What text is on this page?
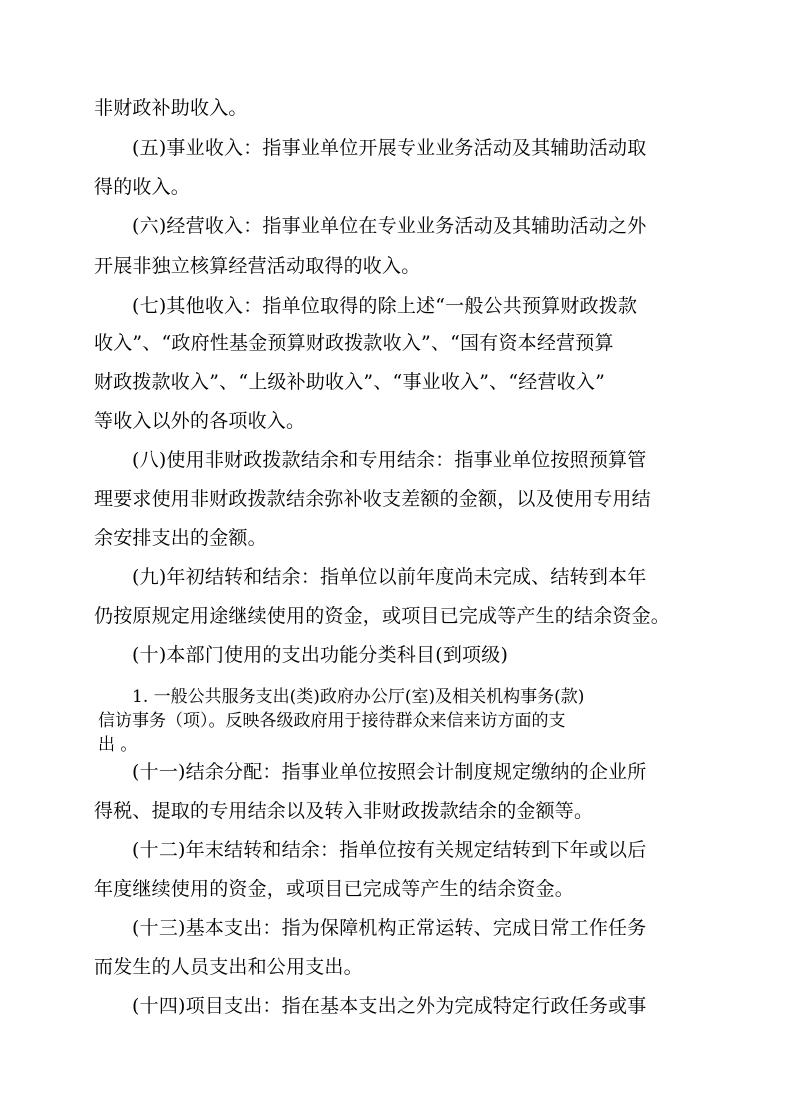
非财政补助收入。
(五)事业收入：指事业单位开展专业业务活动及其辅助活动取
得的收入。
(六)经营收入：指事业单位在专业业务活动及其辅助活动之外
开展非独立核算经营活动取得的收入。
(七)其他收入：指单位取得的除上述“一般公共预算财政拨款
收入”、“政府性基金预算财政拨款收入”、“国有资本经营预算
财政拨款收入”、“上级补助收入”、“事业收入”、“经营收入”
等收入以外的各项收入。
(八)使用非财政拨款结余和专用结余：指事业单位按照预算管
理要求使用非财政拨款结余弥补收支差额的金额，以及使用专用结
余安排支出的金额。
(九)年初结转和结余：指单位以前年度尚未完成、结转到本年
仍按原规定用途继续使用的资金，或项目已完成等产生的结余资金。
(十)本部门使用的支出功能分类科目(到项级)
1. 一般公共服务支出(类)政府办公厅(室)及相关机构事务(款)
信访事务（项）。反映各级政府用于接待群众来信来访方面的支
出 。
(十一)结余分配：指事业单位按照会计制度规定缴纳的企业所
得税、提取的专用结余以及转入非财政拨款结余的金额等。
(十二)年末结转和结余：指单位按有关规定结转到下年或以后
年度继续使用的资金，或项目已完成等产生的结余资金。
(十三)基本支出：指为保障机构正常运转、完成日常工作任务
而发生的人员支出和公用支出。
(十四)项目支出：指在基本支出之外为完成特定行政任务或事
